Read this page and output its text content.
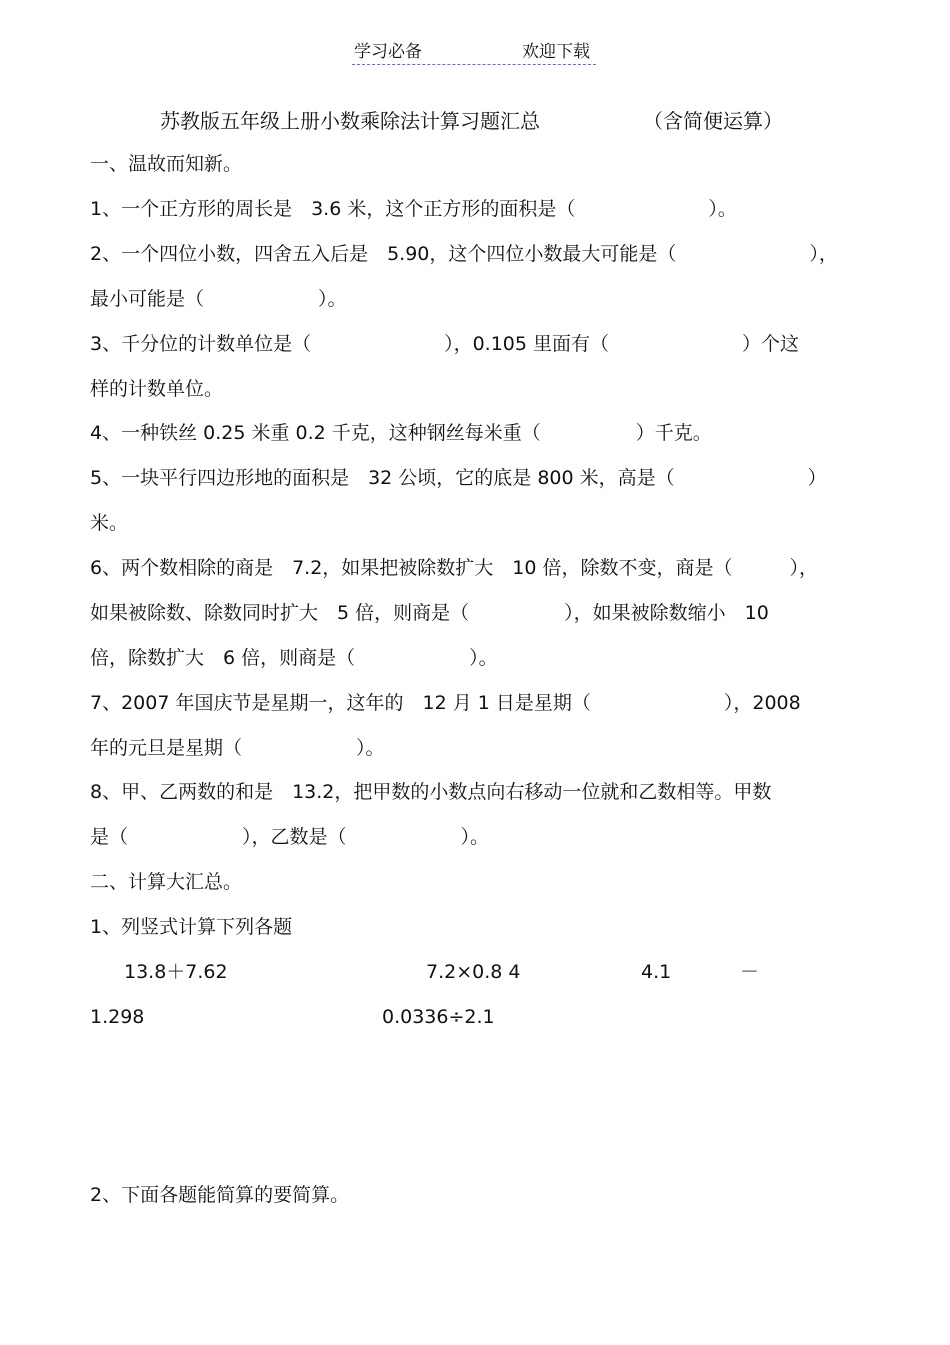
学习必备	欢迎下载
苏教版五年级上册小数乘除法计算习题汇总	（含简便运算）
一、温故而知新。
1、一个正方形的周长是　3.6 米，这个正方形的面积是（　　　　　　　）。
2、一个四位小数，四舍五入后是　5.90，这个四位小数最大可能是（　　　　　　　），
最小可能是（　　　　　　）。
3、千分位的计数单位是（　　　　　　　），0.105 里面有（　　　　　　　）个这
样的计数单位。
4、一种铁丝 0.25 米重 0.2 千克，这种钢丝每米重（　　　　　）千克。
5、一块平行四边形地的面积是　32 公顷，它的底是 800 米，高是（　　　　　　　）
米。
6、两个数相除的商是　7.2，如果把被除数扩大　10 倍，除数不变，商是（　　　），
如果被除数、除数同时扩大　5 倍，则商是（　　　　　），如果被除数缩小　10
倍，除数扩大　6 倍，则商是（　　　　　　）。
7、2007 年国庆节是星期一，这年的　12 月 1 日是星期（　　　　　　　），2008
年的元旦是星期（　　　　　　）。
8、甲、乙两数的和是　13.2，把甲数的小数点向右移动一位就和乙数相等。甲数
是（　　　　　　），乙数是（　　　　　　）。
二、计算大汇总。
1、列竖式计算下列各题
13.8＋7.62	7.2×0.8 4	4.1	－
1.298	0.0336÷2.1
2、下面各题能简算的要简算。
